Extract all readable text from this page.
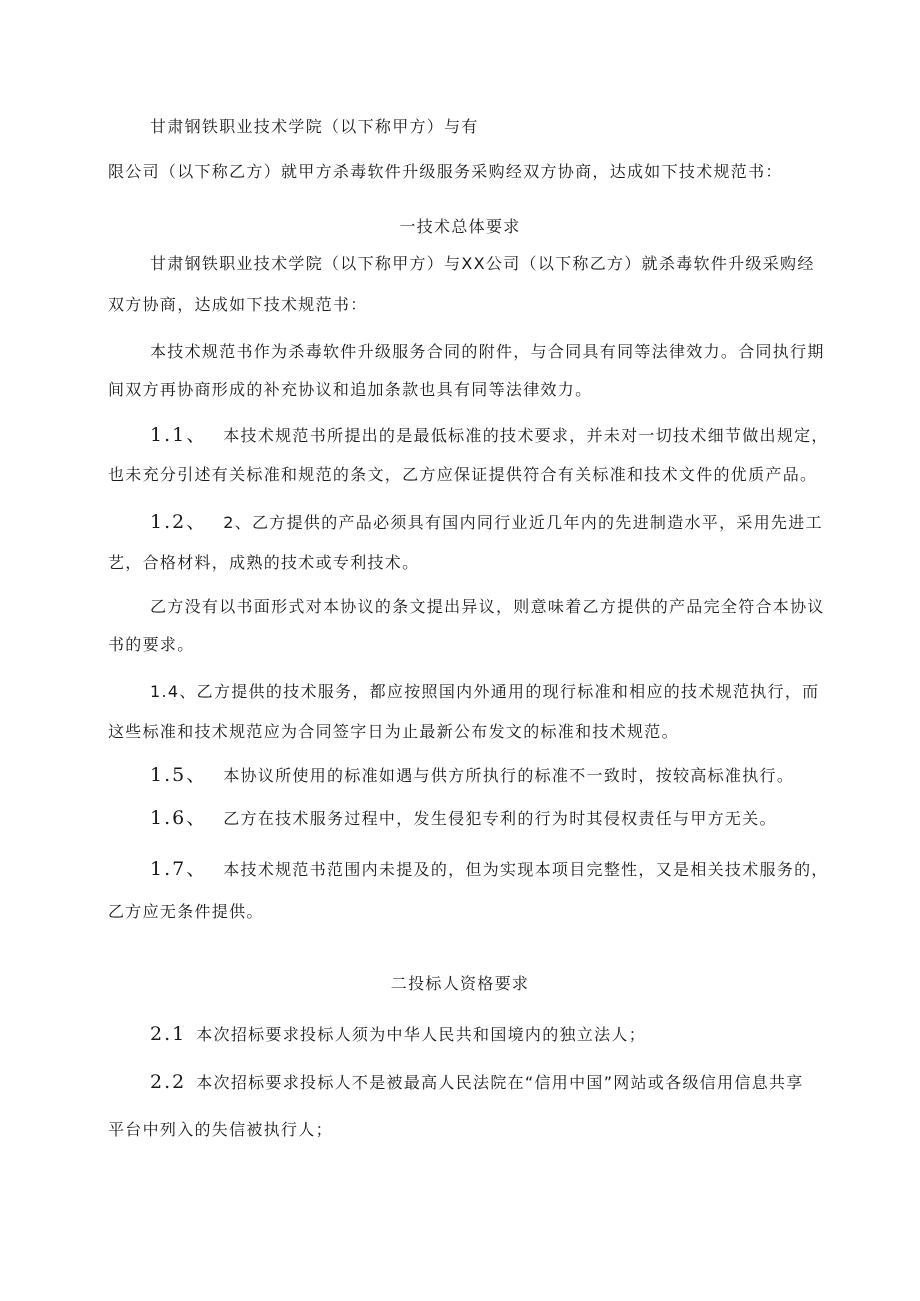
甘肃钢铁职业技术学院（以下称甲方）与有
限公司（以下称乙方）就甲方杀毒软件升级服务采购经双方协商，达成如下技术规范书：
一技术总体要求
甘肃钢铁职业技术学院（以下称甲方）与XX公司（以下称乙方）就杀毒软件升级采购经
双方协商，达成如下技术规范书：
本技术规范书作为杀毒软件升级服务合同的附件，与合同具有同等法律效力。合同执行期
间双方再协商形成的补充协议和追加条款也具有同等法律效力。
1.1、 本技术规范书所提出的是最低标准的技术要求，并未对一切技术细节做出规定，
也未充分引述有关标准和规范的条文，乙方应保证提供符合有关标准和技术文件的优质产品。
1.2、 2、乙方提供的产品必须具有国内同行业近几年内的先进制造水平，采用先进工
艺，合格材料，成熟的技术或专利技术。
乙方没有以书面形式对本协议的条文提出异议，则意味着乙方提供的产品完全符合本协议
书的要求。
1.4、乙方提供的技术服务，都应按照国内外通用的现行标准和相应的技术规范执行，而
这些标准和技术规范应为合同签字日为止最新公布发文的标准和技术规范。
1.5、 本协议所使用的标准如遇与供方所执行的标准不一致时，按较高标准执行。
1.6、 乙方在技术服务过程中，发生侵犯专利的行为时其侵权责任与甲方无关。
1.7、 本技术规范书范围内未提及的，但为实现本项目完整性，又是相关技术服务的，
乙方应无条件提供。
二投标人资格要求
2.1 本次招标要求投标人须为中华人民共和国境内的独立法人；
2.2 本次招标要求投标人不是被最高人民法院在“信用中国”网站或各级信用信息共享
平台中列入的失信被执行人；
